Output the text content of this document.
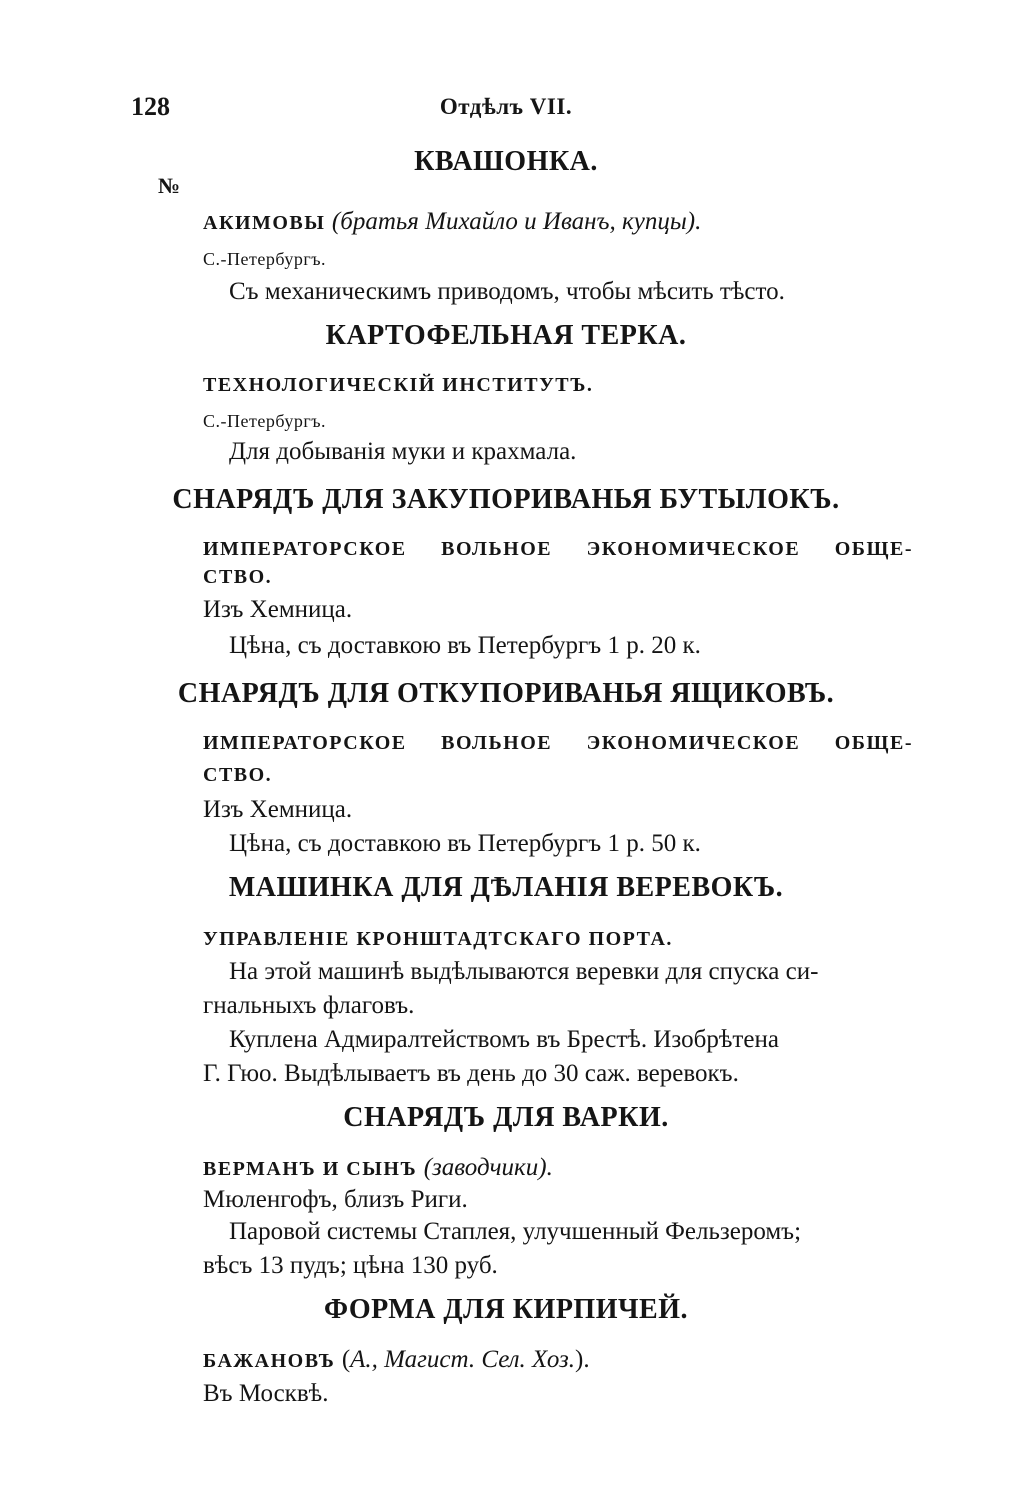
128	Отдѣлъ VII.
№
КВАШОНКА.
АКИМОВЫ (братья Михайло и Иванъ, купцы).
С.-Петербургъ.
Съ механическимъ приводомъ, чтобы мѣсить тѣсто.
КАРТОФЕЛЬНАЯ ТЕРКА.
ТЕХНОЛОГИЧЕСКІЙ ИНСТИТУТЪ.
С.-Петербургъ.
Для добыванія муки и крахмала.
СНАРЯДЪ ДЛЯ ЗАКУПОРИВАНЬЯ БУТЫЛОКЪ.
ИМПЕРАТОРСКОЕ ВОЛЬНОЕ ЭКОНОМИЧЕСКОЕ ОБЩЕ-
СТВО.
Изъ Хемница.
Цѣна, съ доставкою въ Петербургъ 1 р. 20 к.
СНАРЯДЪ ДЛЯ ОТКУПОРИВАНЬЯ ЯЩИКОВЪ.
ИМПЕРАТОРСКОЕ ВОЛЬНОЕ ЭКОНОМИЧЕСКОЕ ОБЩЕ-
СТВО.
Изъ Хемница.
Цѣна, съ доставкою въ Петербургъ 1 р. 50 к.
МАШИНКА ДЛЯ ДѢЛАНІЯ ВЕРЕВОКЪ.
УПРАВЛЕНІЕ КРОНШТАДТСКАГО ПОРТА.
На этой машинѣ выдѣлываются веревки для спуска си-
гнальныхъ флаговъ.
Куплена Адмиралтействомъ въ Брестѣ. Изобрѣтена
Г. Гюо. Выдѣлываетъ въ день до 30 саж. веревокъ.
СНАРЯДЪ ДЛЯ ВАРКИ.
ВЕРМАНЪ И СЫНЪ (заводчики).
Мюленгофъ, близъ Риги.
Паровой системы Стаплея, улучшенный Фельзеромъ;
вѣсъ 13 пудъ; цѣна 130 руб.
ФОРМА ДЛЯ КИРПИЧЕЙ.
БАЖАНОВЪ (А., Магист. Сел. Хоз.).
Въ Москвѣ.
